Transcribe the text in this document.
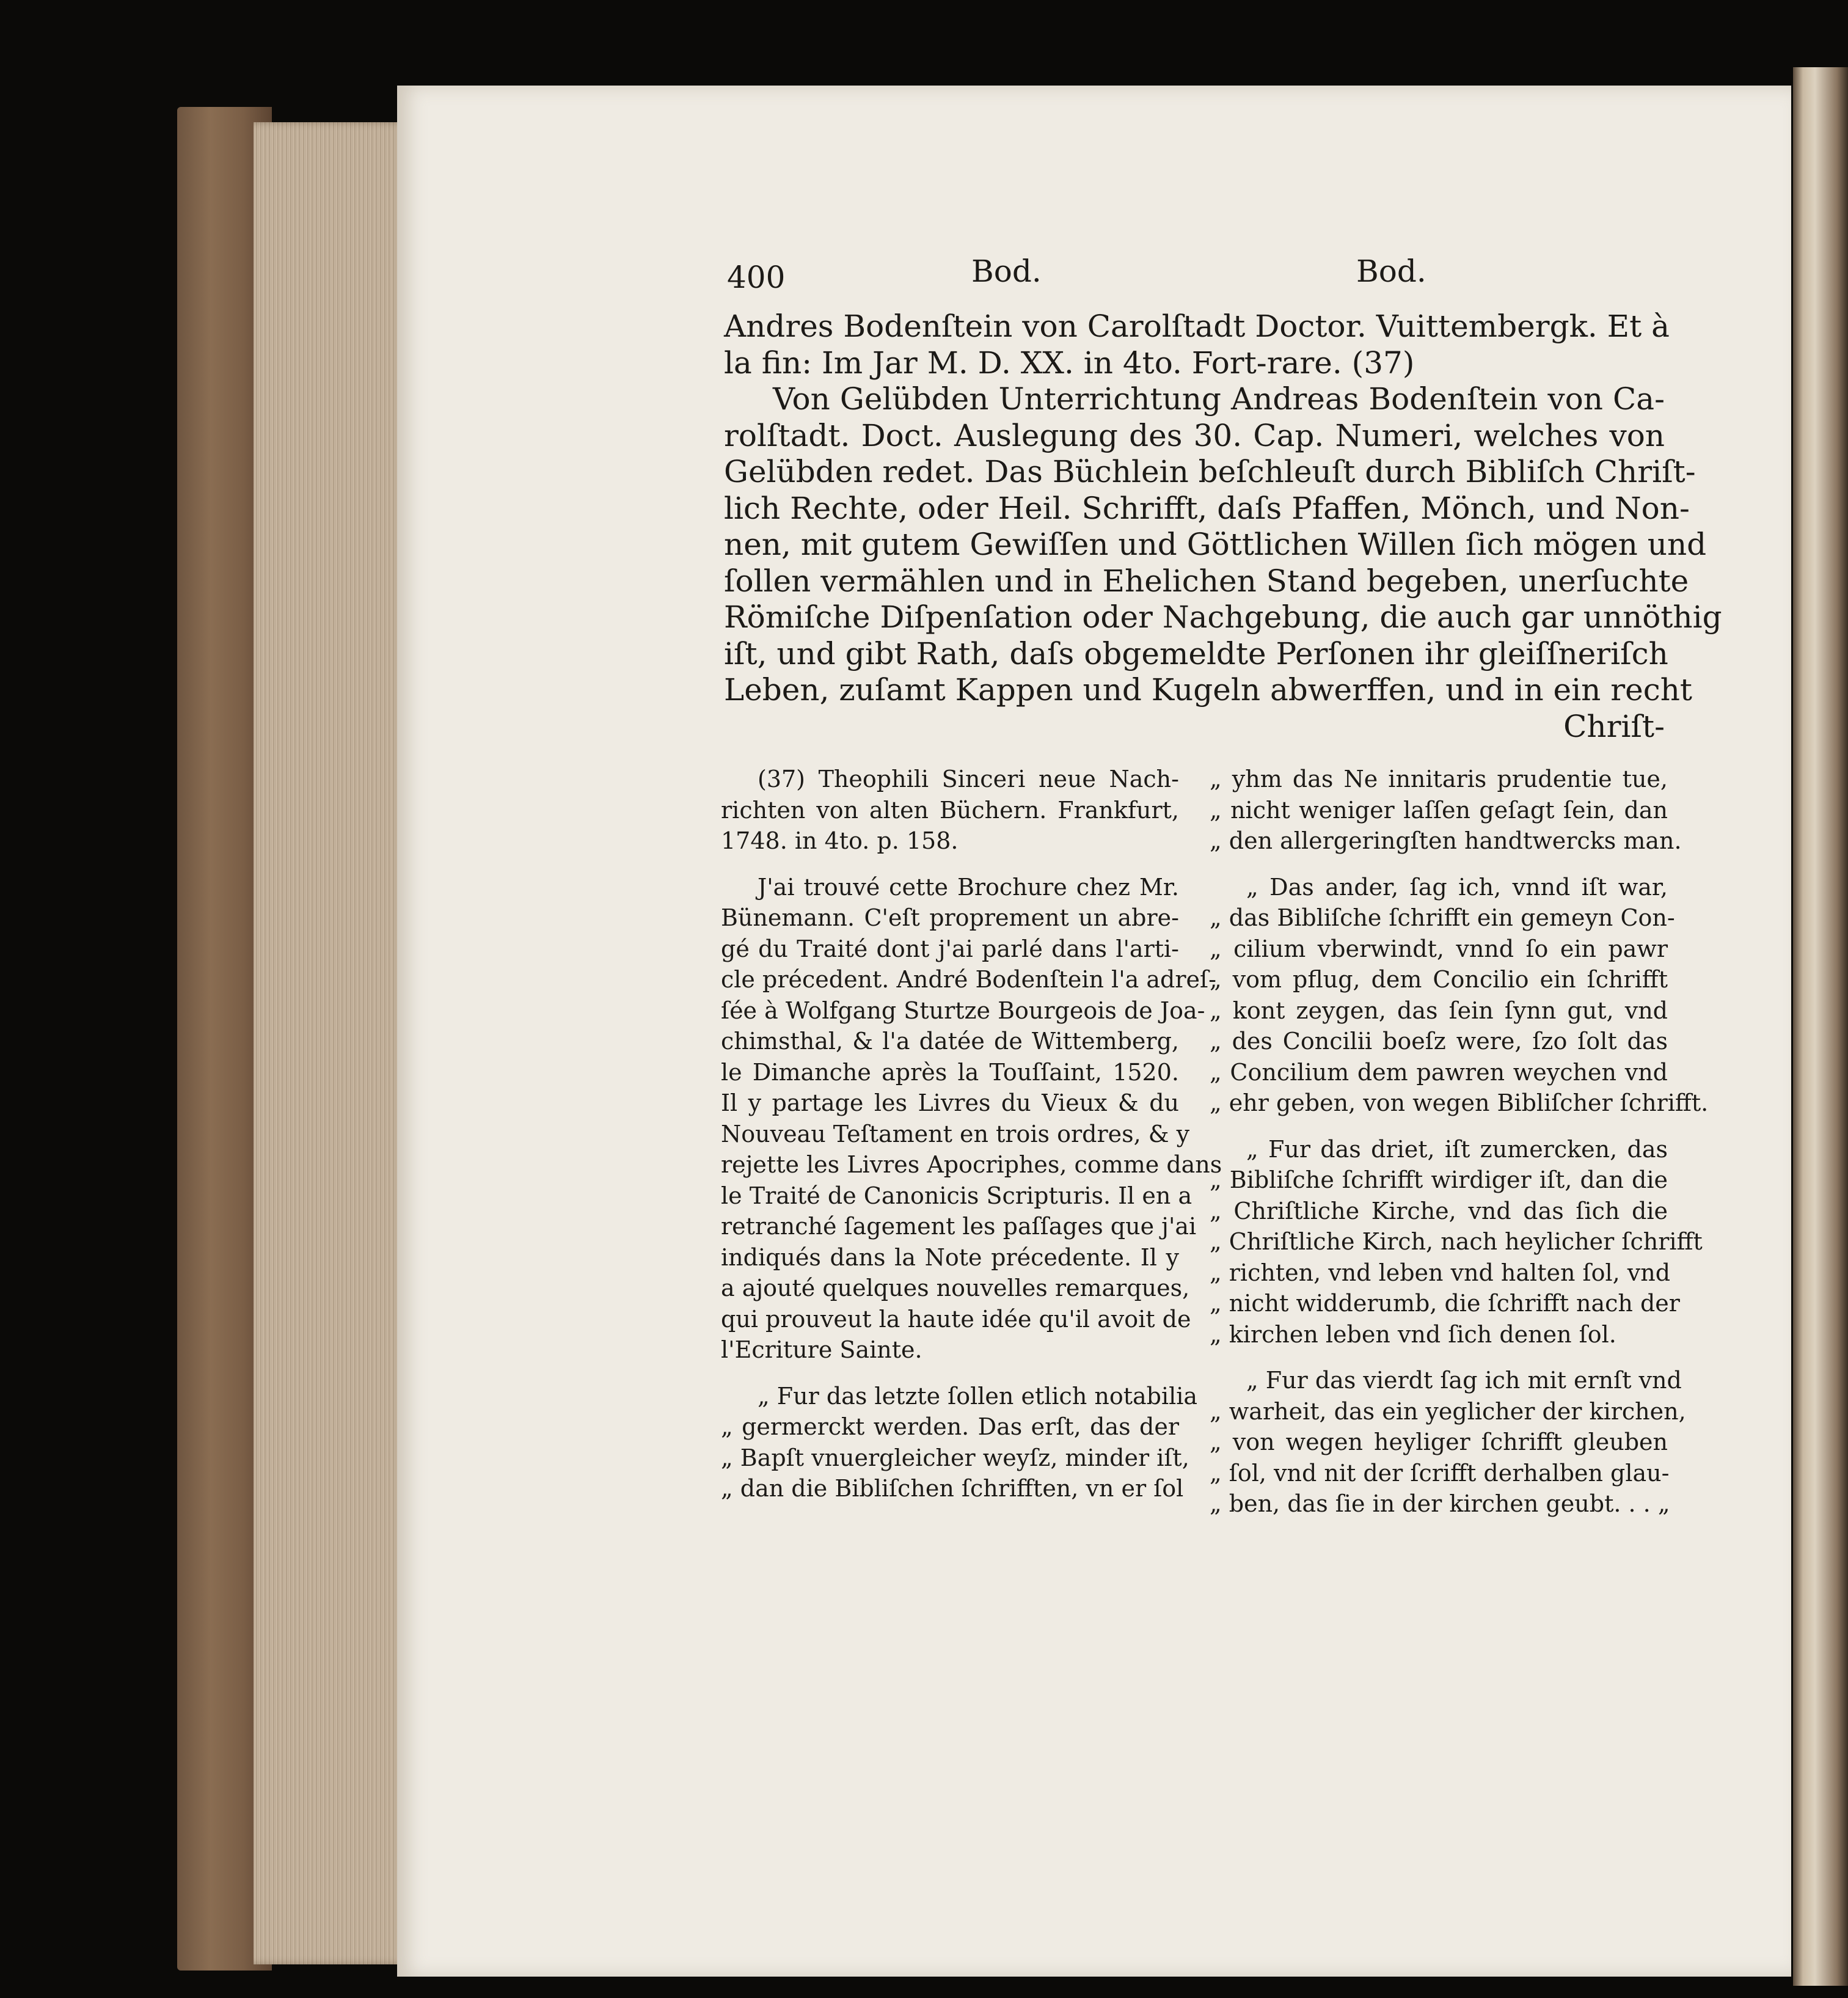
400	Bod.	Bod.
Andres Bodenſtein von Carolſtadt Doctor. Vuittembergk. Et à
la fin: Im Jar M. D. XX. in 4to. Fort-rare. (37)
Von Gelübden Unterrichtung Andreas Bodenſtein von Ca-
rolſtadt. Doct. Auslegung des 30. Cap. Numeri, welches von
Gelübden redet. Das Büchlein beſchleuſt durch Bibliſch Chriſt-
lich Rechte, oder Heil. Schrifft, daſs Pfaffen, Mönch, und Non-
nen, mit gutem Gewiſſen und Göttlichen Willen ſich mögen und
ſollen vermählen und in Ehelichen Stand begeben, unerſuchte
Römiſche Diſpenſation oder Nachgebung, die auch gar unnöthig
iſt, und gibt Rath, daſs obgemeldte Perſonen ihr gleiſſneriſch
Leben, zuſamt Kappen und Kugeln abwerffen, und in ein recht
Chriſt-
(37) Theophili Sinceri neue Nach-
richten von alten Büchern. Frankfurt,
1748. in 4to. p. 158.
J'ai trouvé cette Brochure chez Mr.
Bünemann. C'eſt proprement un abre-
gé du Traité dont j'ai parlé dans l'arti-
cle précedent. André Bodenſtein l'a adreſ-
ſée à Wolfgang Sturtze Bourgeois de Joa-
chimsthal, & l'a datée de Wittemberg,
le Dimanche après la Touſſaint, 1520.
Il y partage les Livres du Vieux & du
Nouveau Teſtament en trois ordres, & y
rejette les Livres Apocriphes, comme dans
le Traité de Canonicis Scripturis. Il en a
retranché ſagement les paſſages que j'ai
indiqués dans la Note précedente. Il y
a ajouté quelques nouvelles remarques,
qui prouveut la haute idée qu'il avoit de
l'Ecriture Sainte.
„ Fur das letzte ſollen etlich notabilia
„ germerckt werden. Das erſt, das der
„ Bapſt vnuergleicher weyſz, minder iſt,
„ dan die Bibliſchen ſchrifften, vn er ſol
„ yhm das Ne innitaris prudentie tue,
„ nicht weniger laſſen geſagt ſein, dan
„ den allergeringſten handtwercks man.
„ Das ander, ſag ich, vnnd iſt war,
„ das Bibliſche ſchrifft ein gemeyn Con-
„ cilium vberwindt, vnnd ſo ein pawr
„ vom pflug, dem Concilio ein ſchrifft
„ kont zeygen, das ſein ſynn gut, vnd
„ des Concilii boeſz were, ſzo ſolt das
„ Concilium dem pawren weychen vnd
„ ehr geben, von wegen Bibliſcher ſchrifft.
„ Fur das driet, iſt zumercken, das
„ Bibliſche ſchrifft wirdiger iſt, dan die
„ Chriſtliche Kirche, vnd das ſich die
„ Chriſtliche Kirch, nach heylicher ſchrifft
„ richten, vnd leben vnd halten ſol, vnd
„ nicht widderumb, die ſchrifft nach der
„ kirchen leben vnd ſich denen ſol.
„ Fur das vierdt ſag ich mit ernſt vnd
„ warheit, das ein yeglicher der kirchen,
„ von wegen heyliger ſchrifft gleuben
„ ſol, vnd nit der ſcrifft derhalben glau-
„ ben, das ſie in der kirchen geubt. . . „
